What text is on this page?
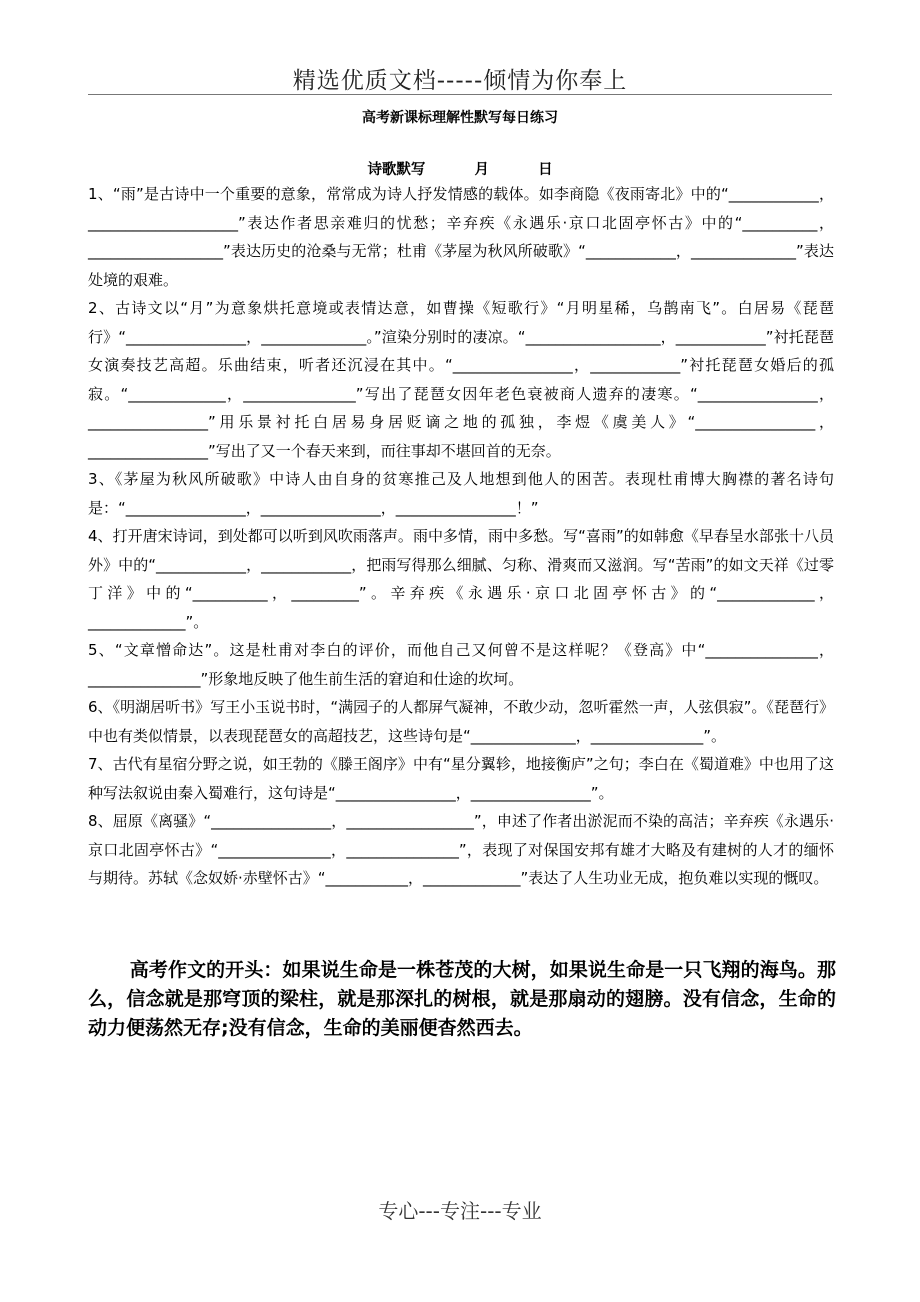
精选优质文档-----倾情为你奉上
高考新课标理解性默写每日练习
诗歌默写	月	日

1、“雨”是古诗中一个重要的意象，常常成为诗人抒发情感的载体。如李商隐《夜雨寄北》中的“____________，____________________”表达作者思亲难归的忧愁；辛弃疾《永遇乐·京口北固亭怀古》中的“__________，__________________”表达历史的沧桑与无常；杜甫《茅屋为秋风所破歌》“____________，______________”表达处境的艰难。

2、古诗文以“月”为意象烘托意境或表情达意，如曹操《短歌行》“月明星稀，乌鹊南飞”。白居易《琵琶行》“________________，______________。”渲染分别时的凄凉。“__________________，____________”衬托琵琶女演奏技艺高超。乐曲结束，听者还沉浸在其中。“________________，____________”衬托琵琶女婚后的孤寂。“_____________，_______________”写出了琵琶女因年老色衰被商人遗弃的凄寒。“________________，________________”用乐景衬托白居易身居贬谪之地的孤独，李煜《虞美人》“________________，________________”写出了又一个春天来到，而往事却不堪回首的无奈。

3、《茅屋为秋风所破歌》中诗人由自身的贫寒推己及人地想到他人的困苦。表现杜甫博大胸襟的著名诗句是：“________________，________________，________________！”

4、打开唐宋诗词，到处都可以听到风吹雨落声。雨中多情，雨中多愁。写“喜雨”的如韩愈《早春呈水部张十八员外》中的“____________，____________，把雨写得那么细腻、匀称、滑爽而又滋润。写“苦雨”的如文天祥《过零丁洋》中的“__________，_________”。辛弃疾《永遇乐·京口北固亭怀古》的“_____________，_____________”。

5、“文章憎命达”。这是杜甫对李白的评价，而他自己又何曾不是这样呢？《登高》中“_______________，_______________”形象地反映了他生前生活的窘迫和仕途的坎坷。

6、《明湖居听书》写王小玉说书时，“满园子的人都屏气凝神，不敢少动，忽听霍然一声，人弦俱寂”。《琵琶行》中也有类似情景，以表现琵琶女的高超技艺，这些诗句是“______________，_______________”。

7、古代有星宿分野之说，如王勃的《滕王阁序》中有“星分翼轸，地接衡庐”之句；李白在《蜀道难》中也用了这种写法叙说由秦入蜀难行，这句诗是“________________，________________”。

8、屈原《离骚》“________________，_________________”，申述了作者出淤泥而不染的高洁；辛弃疾《永遇乐·京口北固亭怀古》“_______________，_______________”，表现了对保国安邦有雄才大略及有建树的人才的缅怀与期待。苏轼《念奴娇·赤壁怀古》“___________，_____________”表达了人生功业无成，抱负难以实现的慨叹。

高考作文的开头：如果说生命是一株苍茂的大树，如果说生命是一只飞翔的海鸟。那么，信念就是那穹顶的梁柱，就是那深扎的树根，就是那扇动的翅膀。没有信念，生命的动力便荡然无存;没有信念，生命的美丽便杳然西去。
专心---专注---专业
